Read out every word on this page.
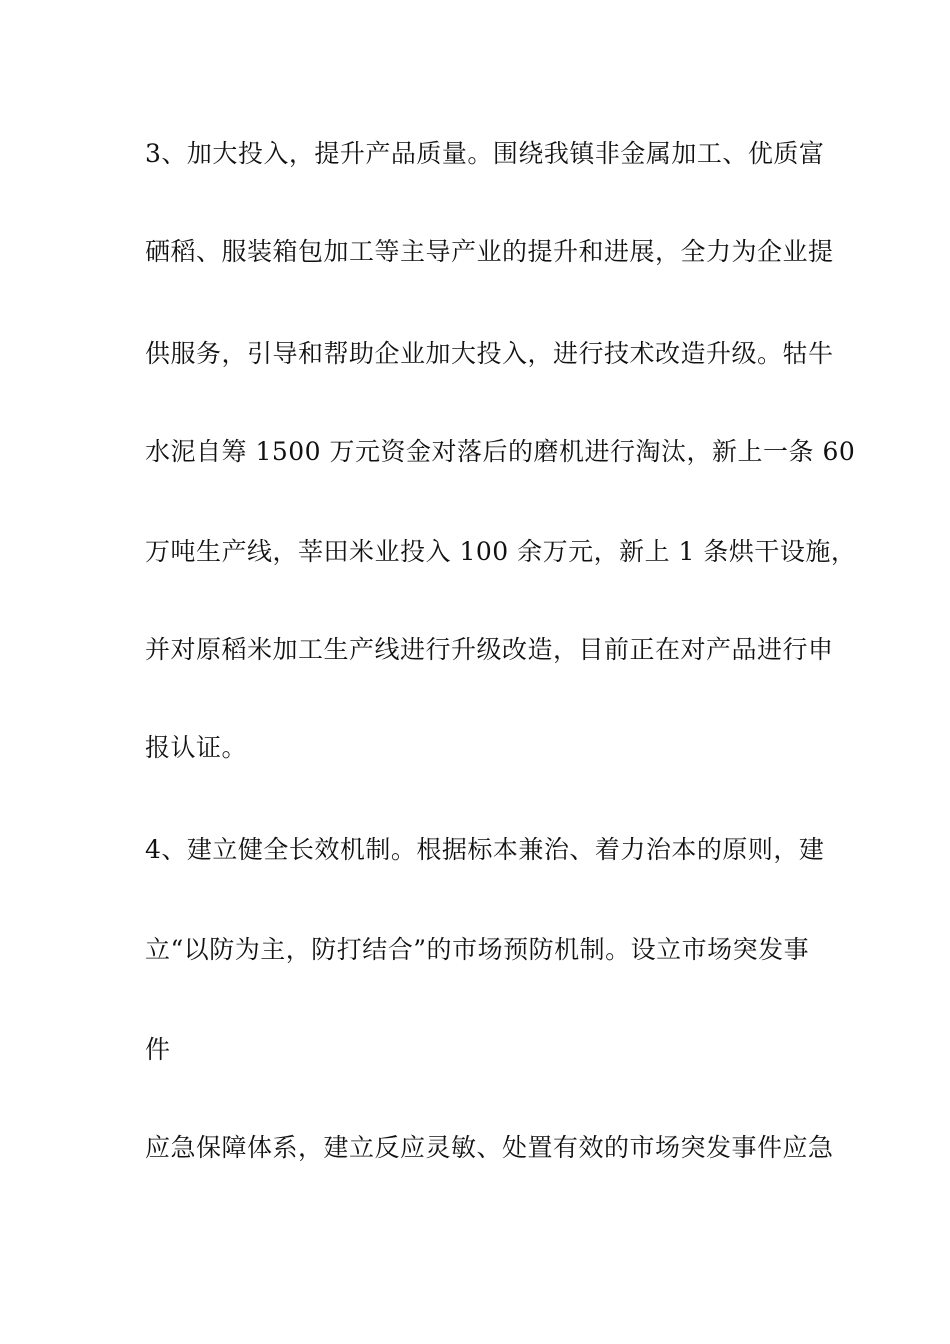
3、加大投入，提升产品质量。围绕我镇非金属加工、优质富
硒稻、服装箱包加工等主导产业的提升和进展，全力为企业提
供服务，引导和帮助企业加大投入，进行技术改造升级。牯牛
水泥自筹 1500 万元资金对落后的磨机进行淘汰，新上一条 60
万吨生产线，莘田米业投入 100 余万元，新上 1 条烘干设施，
并对原稻米加工生产线进行升级改造，目前正在对产品进行申
报认证。
4、建立健全长效机制。根据标本兼治、着力治本的原则，建
立“以防为主，防打结合”的市场预防机制。设立市场突发事
件
应急保障体系，建立反应灵敏、处置有效的市场突发事件应急
